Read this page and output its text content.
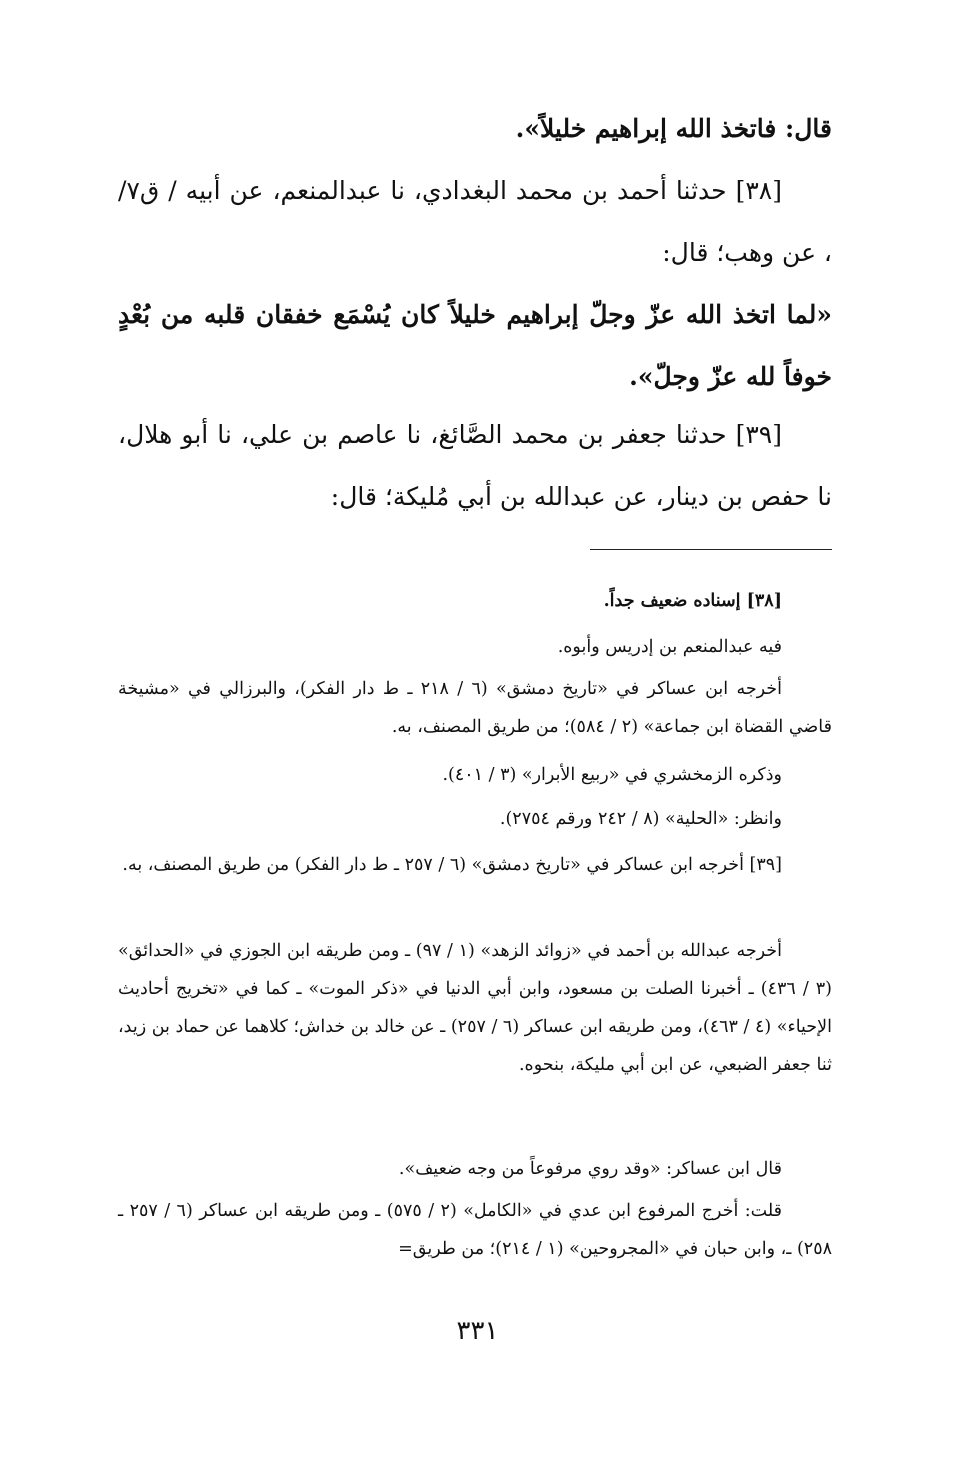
قال: فاتخذ الله إبراهيم خليلاً».

[٣٨] حدثنا أحمد بن محمد البغدادي، نا عبدالمنعم، عن أبيه / ق٧/ ، عن وهب؛ قال:

«لما اتخذ الله عزّ وجلّ إبراهيم خليلاً كان يُسْمَع خفقان قلبه من بُعْدٍ خوفاً لله عزّ وجلّ».

[٣٩] حدثنا جعفر بن محمد الصَّائغ، نا عاصم بن علي، نا أبو هلال، نا حفص بن دينار، عن عبدالله بن أبي مُليكة؛ قال:

[٣٨] إسناده ضعيف جداً.

فيه عبدالمنعم بن إدريس وأبوه.

أخرجه ابن عساكر في «تاريخ دمشق» (٦ / ٢١٨ ـ ط دار الفكر)، والبرزالي في «مشيخة قاضي القضاة ابن جماعة» (٢ / ٥٨٤)؛ من طريق المصنف، به.

وذكره الزمخشري في «ربيع الأبرار» (٣ / ٤٠١).

وانظر: «الحلية» (٨ / ٢٤٢ ورقم ٢٧٥٤).

[٣٩] أخرجه ابن عساكر في «تاريخ دمشق» (٦ / ٢٥٧ ـ ط دار الفكر) من طريق المصنف، به.

أخرجه عبدالله بن أحمد في «زوائد الزهد» (١ / ٩٧) ـ ومن طريقه ابن الجوزي في «الحدائق» (٣ / ٤٣٦) ـ أخبرنا الصلت بن مسعود، وابن أبي الدنيا في «ذكر الموت» ـ كما في «تخريج أحاديث الإحياء» (٤ / ٤٦٣)، ومن طريقه ابن عساكر (٦ / ٢٥٧) ـ عن خالد بن خداش؛ كلاهما عن حماد بن زيد، ثنا جعفر الضبعي، عن ابن أبي مليكة، بنحوه.

قال ابن عساكر: «وقد روي مرفوعاً من وجه ضعيف».

قلت: أخرج المرفوع ابن عدي في «الكامل» (٢ / ٥٧٥) ـ ومن طريقه ابن عساكر (٦ / ٢٥٧ ـ ٢٥٨) ـ، وابن حبان في «المجروحين» (١ / ٢١٤)؛ من طريق=

٣٣١
